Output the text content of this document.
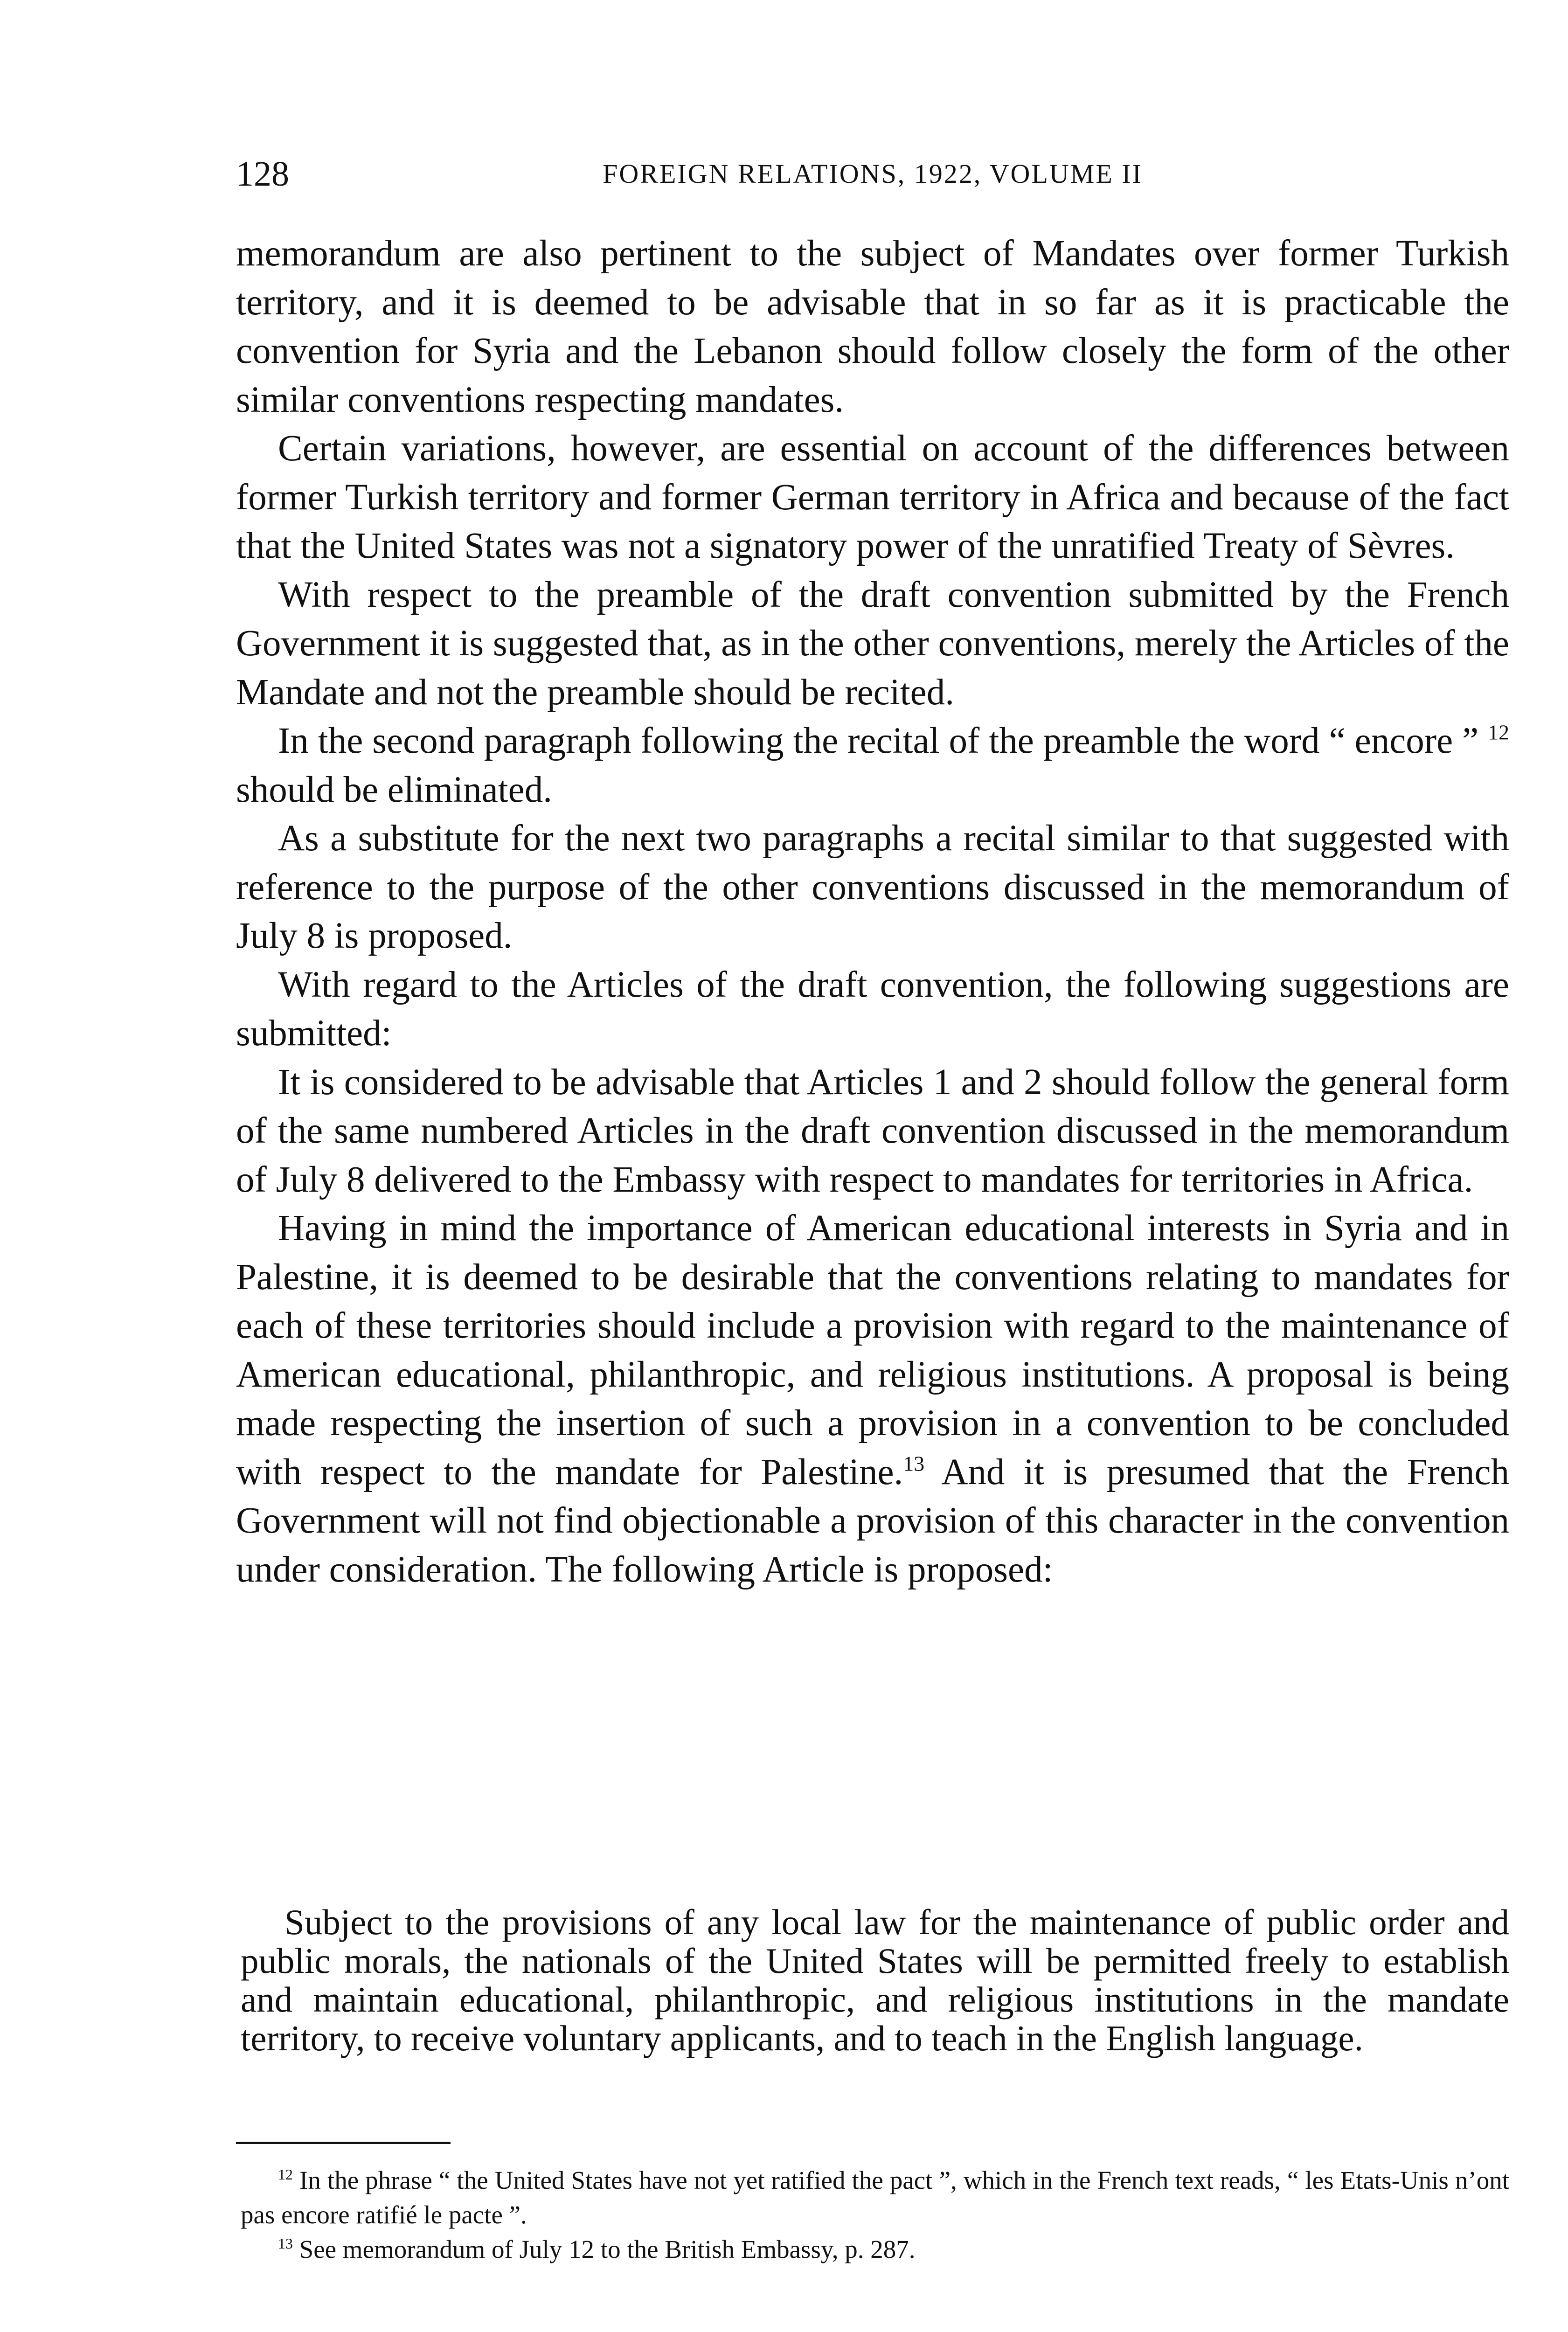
128	FOREIGN RELATIONS, 1922, VOLUME II

memorandum are also pertinent to the subject of Mandates over former Turkish territory, and it is deemed to be advisable that in so far as it is practicable the convention for Syria and the Lebanon should follow closely the form of the other similar conventions respecting mandates.

Certain variations, however, are essential on account of the differences between former Turkish territory and former German territory in Africa and because of the fact that the United States was not a signatory power of the unratified Treaty of Sèvres.

With respect to the preamble of the draft convention submitted by the French Government it is suggested that, as in the other conventions, merely the Articles of the Mandate and not the preamble should be recited.

In the second paragraph following the recital of the preamble the word “ encore ” $^{12}$ should be eliminated.

As a substitute for the next two paragraphs a recital similar to that suggested with reference to the purpose of the other conventions discussed in the memorandum of July 8 is proposed.

With regard to the Articles of the draft convention, the following suggestions are submitted:

It is considered to be advisable that Articles 1 and 2 should follow the general form of the same numbered Articles in the draft convention discussed in the memorandum of July 8 delivered to the Embassy with respect to mandates for territories in Africa.

Having in mind the importance of American educational interests in Syria and in Palestine, it is deemed to be desirable that the conventions relating to mandates for each of these territories should include a provision with regard to the maintenance of American educational, philanthropic, and religious institutions. A proposal is being made respecting the insertion of such a provision in a convention to be concluded with respect to the mandate for Palestine.$^{13}$ And it is presumed that the French Government will not find objectionable a provision of this character in the convention under consideration. The following Article is proposed:

Subject to the provisions of any local law for the maintenance of public order and public morals, the nationals of the United States will be permitted freely to establish and maintain educational, philanthropic, and religious institutions in the mandate territory, to receive voluntary applicants, and to teach in the English language.

$^{12}$ In the phrase “ the United States have not yet ratified the pact ”, which in the French text reads, “ les Etats-Unis n’ont pas encore ratifié le pacte ”.

$^{13}$ See memorandum of July 12 to the British Embassy, p. 287.
